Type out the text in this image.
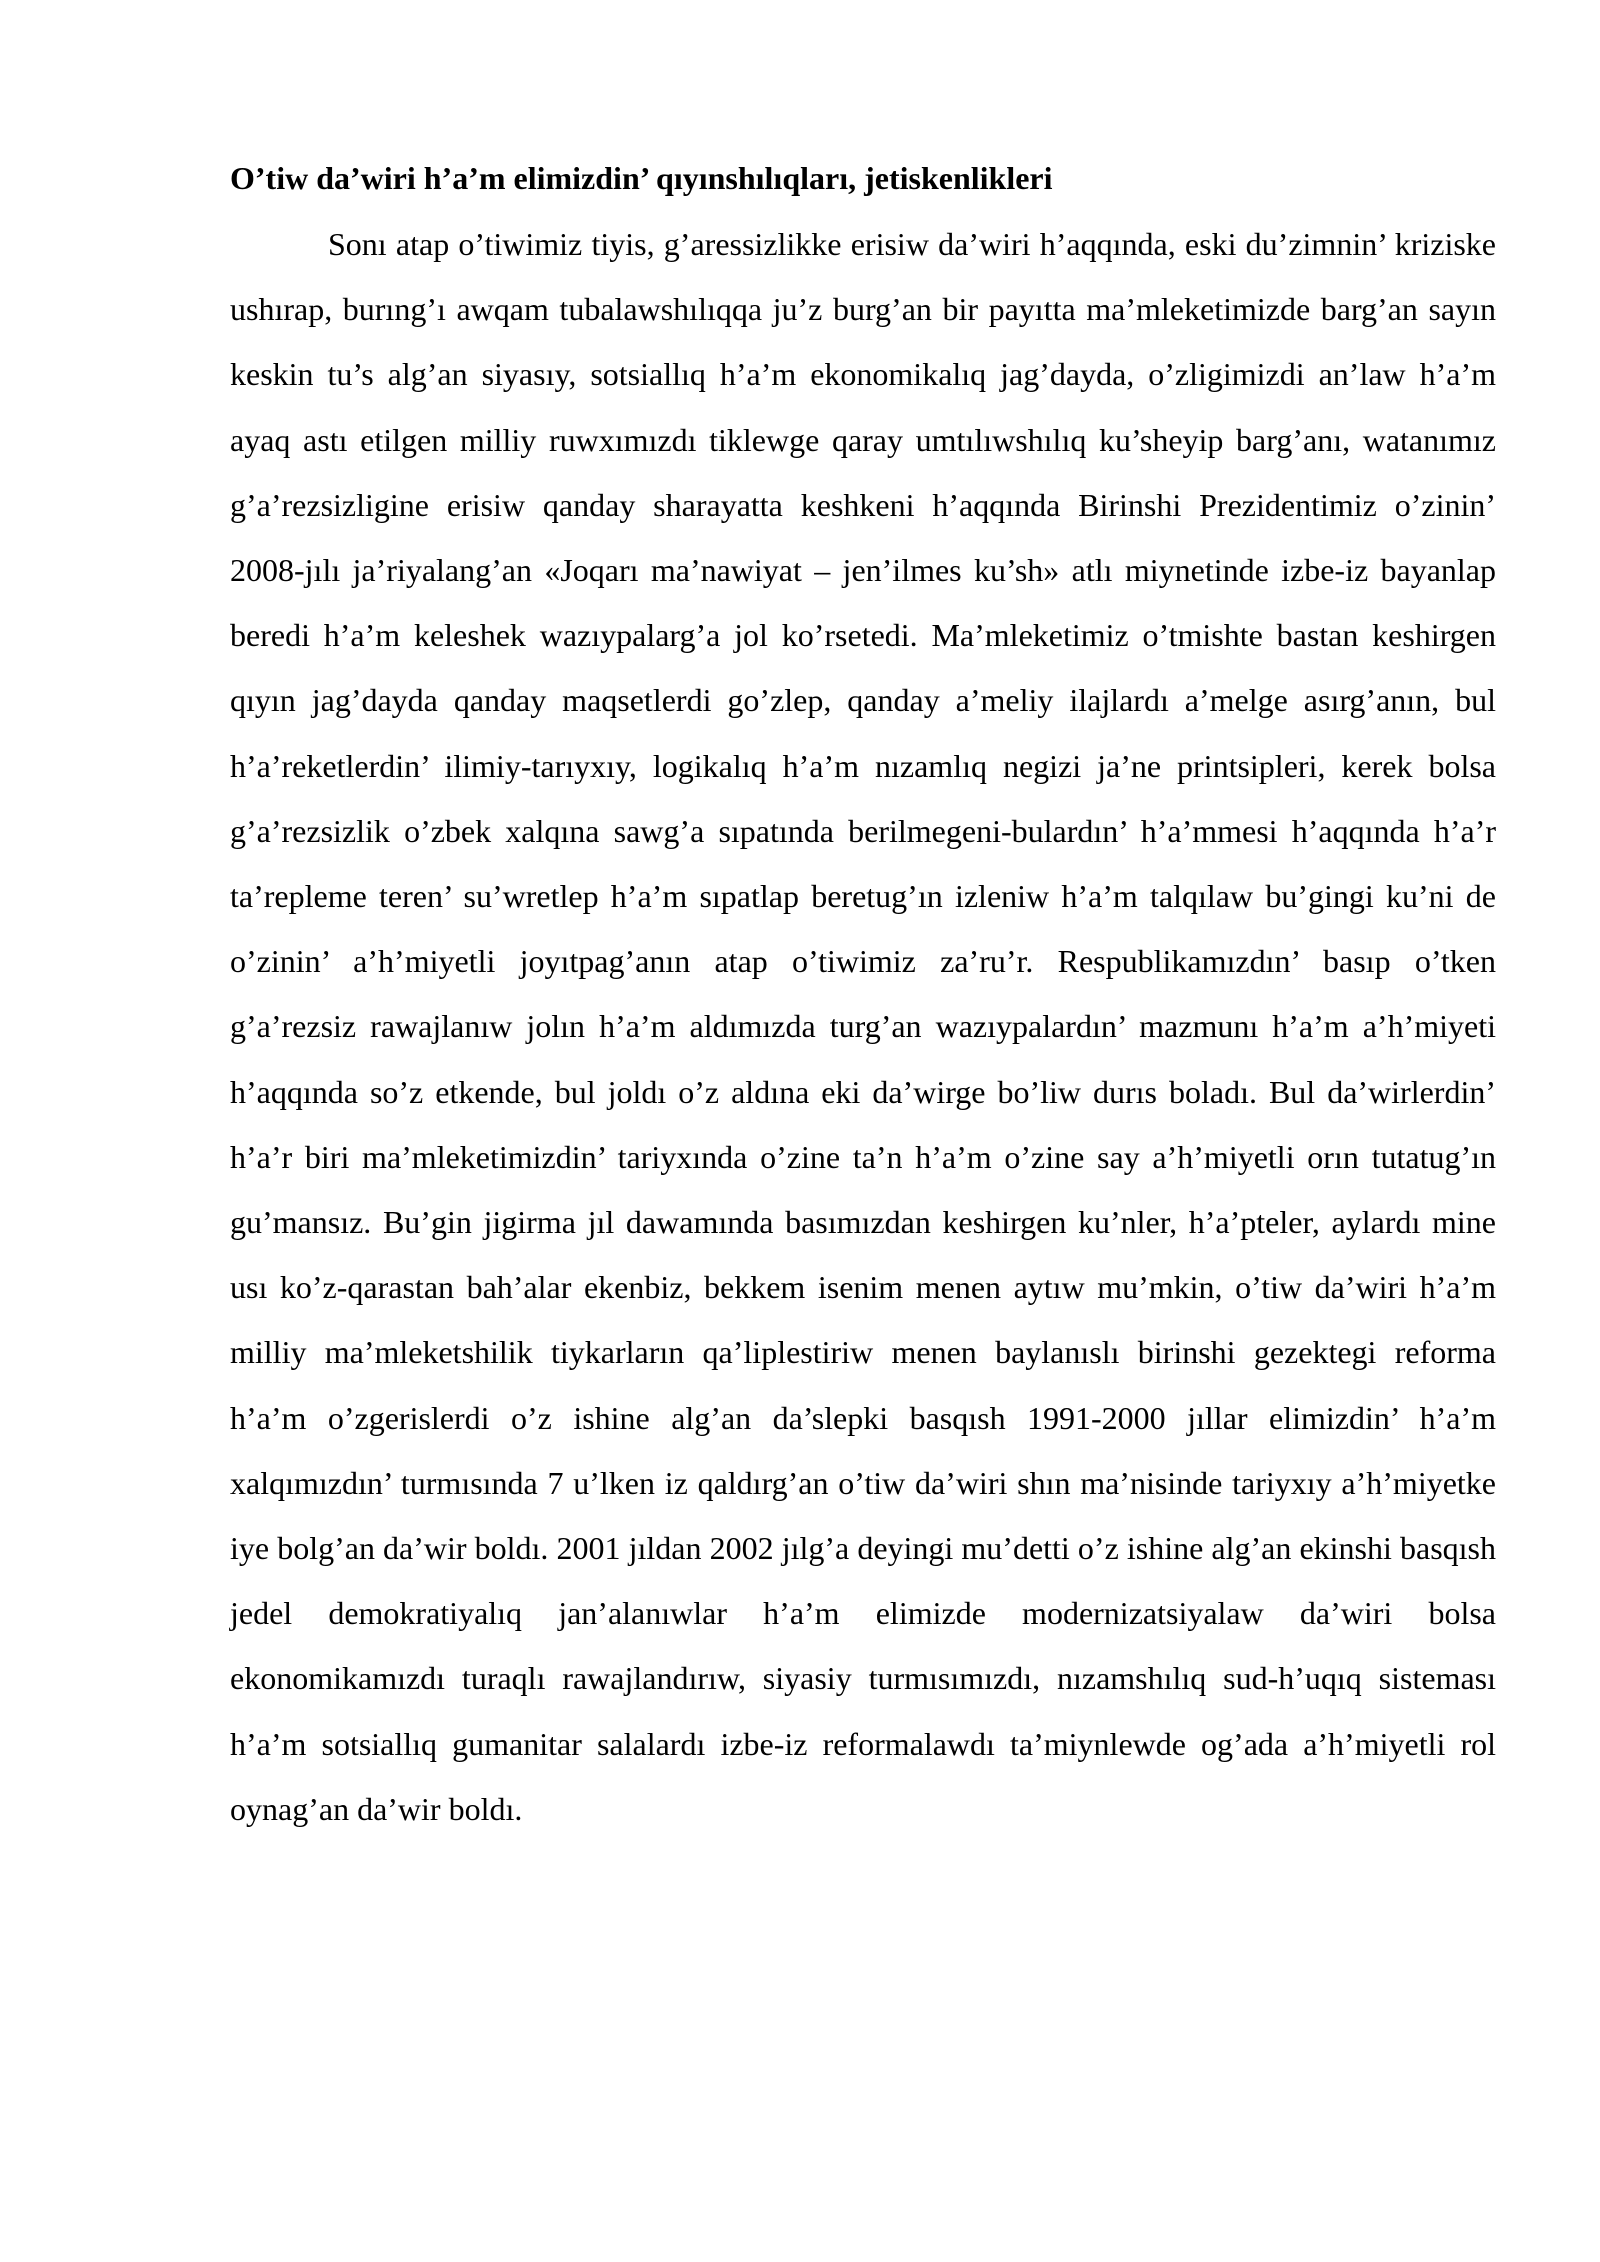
O’tiw da’wiri h’a’m elimizdin’ qıyınshılıqları, jetiskenlikleri

Sonı atap o’tiwimiz tiyis, g’aressizlikke erisiw da’wiri h’aqqında, eski du’zimnin’ kriziske ushırap, burıng’ı awqam tubalawshılıqqa ju’z burg’an bir payıtta ma’mleketimizde barg’an sayın keskin tu’s alg’an siyasıy, sotsiallıq h’a’m ekonomikalıq jag’dayda, o’zligimizdi an’law h’a’m ayaq astı etilgen milliy ruwxımızdı tiklewge qaray umtılıwshılıq ku’sheyip barg’anı, watanımız g’a’rezsizligine erisiw qanday sharayatta keshkeni h’aqqında Birinshi Prezidentimiz o’zinin’ 2008-jılı ja’riyalang’an «Joqarı ma’nawiyat – jen’ilmes ku’sh» atlı miynetinde izbe-iz bayanlap beredi h’a’m keleshek wazıypalarg’a jol ko’rsetedi. Ma’mleketimiz o’tmishte bastan keshirgen qıyın jag’dayda qanday maqsetlerdi go’zlep, qanday a’meliy ilajlardı a’melge asırg’anın, bul h’a’reketlerdin’ ilimiy-tarıyxıy, logikalıq h’a’m nızamlıq negizi ja’ne printsipleri, kerek bolsa g’a’rezsizlik o’zbek xalqına sawg’a sıpatında berilmegeni-bulardın’ h’a’mmesi h’aqqında h’a’r ta’repleme teren’ su’wretlep h’a’m sıpatlap beretug’ın izleniw h’a’m talqılaw bu’gingi ku’ni de o’zinin’ a’h’miyetli joyıtpag’anın atap o’tiwimiz za’ru’r. Respublikamızdın’ basıp o’tken g’a’rezsiz rawajlanıw jolın h’a’m aldımızda turg’an wazıypalardın’ mazmunı h’a’m a’h’miyeti h’aqqında so’z etkende, bul joldı o’z aldına eki da’wirge bo’liw durıs boladı. Bul da’wirlerdin’ h’a’r biri ma’mleketimizdin’ tariyxında o’zine ta’n h’a’m o’zine say a’h’miyetli orın tutatug’ın gu’mansız. Bu’gin jigirma jıl dawamında basımızdan keshirgen ku’nler, h’a’pteler, aylardı mine usı ko’z-qarastan bah’alar ekenbiz, bekkem isenim menen aytıw mu’mkin, o’tiw da’wiri h’a’m milliy ma’mleketshilik tiykarların qa’liplestiriw menen baylanıslı birinshi gezektegi reforma h’a’m o’zgerislerdi o’z ishine alg’an da’slepki basqısh 1991-2000 jıllar elimizdin’ h’a’m xalqımızdın’ turmısında 7 u’lken iz qaldırg’an o’tiw da’wiri shın ma’nisinde tariyxıy a’h’miyetke iye bolg’an da’wir boldı. 2001 jıldan 2002 jılg’a deyingi mu’detti o’z ishine alg’an ekinshi basqısh jedel demokratiyalıq jan’alanıwlar h’a’m elimizde modernizatsiyalaw da’wiri bolsa ekonomikamızdı turaqlı rawajlandırıw, siyasiy turmısımızdı, nızamshılıq sud-h’uqıq sisteması h’a’m sotsiallıq gumanitar salalardı izbe-iz reformalawdı ta’miynlewde og’ada a’h’miyetli rol oynag’an da’wir boldı.
